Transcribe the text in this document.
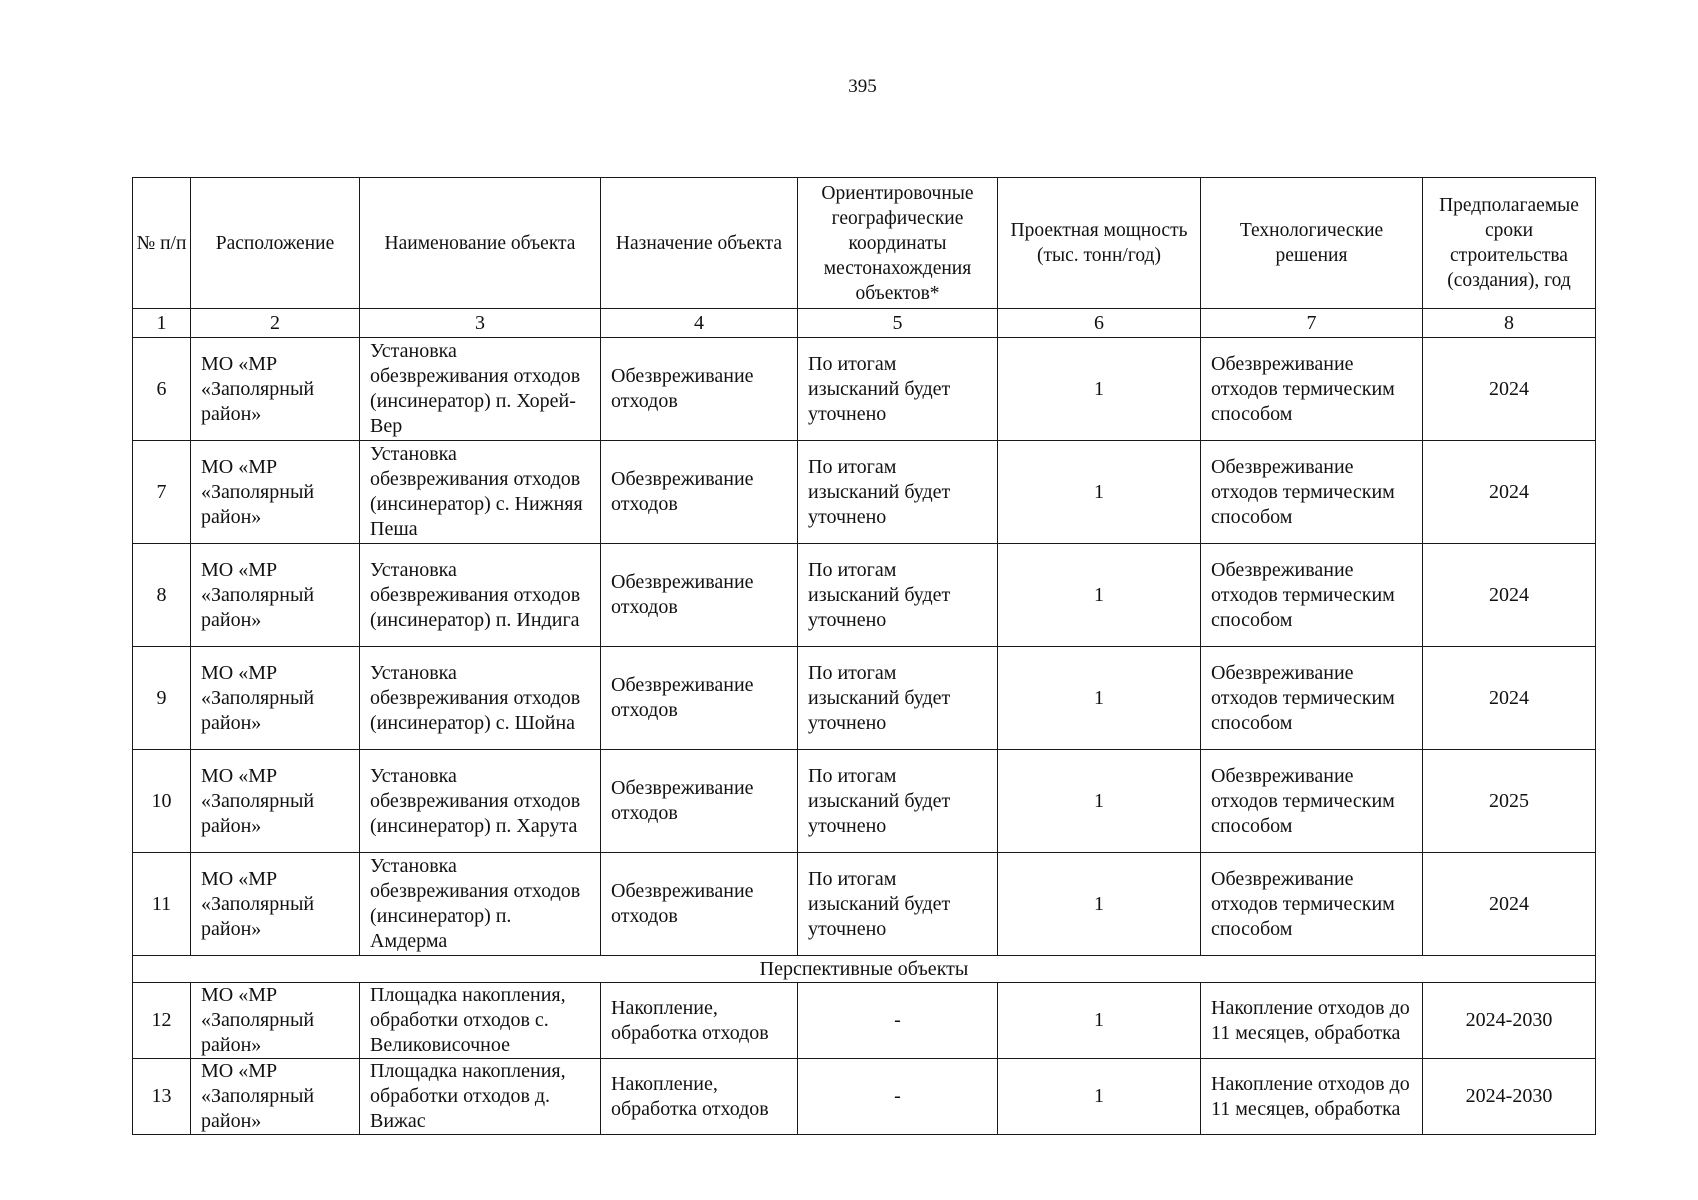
395
№ п/п	Расположение	Наименование объекта	Назначение объекта	Ориентировочные географические координаты местонахождения объектов*	Проектная мощность (тыс. тонн/год)	Технологические решения	Предполагаемые сроки строительства (создания), год
1	2	3	4	5	6	7	8
6	МО «МР «Заполярный район»	Установка обезвреживания отходов (инсинератор) п. Хорей-Вер	Обезвреживание отходов	По итогам изысканий будет уточнено	1	Обезвреживание отходов термическим способом	2024
7	МО «МР «Заполярный район»	Установка обезвреживания отходов (инсинератор) с. Нижняя Пеша	Обезвреживание отходов	По итогам изысканий будет уточнено	1	Обезвреживание отходов термическим способом	2024
8	МО «МР «Заполярный район»	Установка обезвреживания отходов (инсинератор) п. Индига	Обезвреживание отходов	По итогам изысканий будет уточнено	1	Обезвреживание отходов термическим способом	2024
9	МО «МР «Заполярный район»	Установка обезвреживания отходов (инсинератор) с. Шойна	Обезвреживание отходов	По итогам изысканий будет уточнено	1	Обезвреживание отходов термическим способом	2024
10	МО «МР «Заполярный район»	Установка обезвреживания отходов (инсинератор) п. Харута	Обезвреживание отходов	По итогам изысканий будет уточнено	1	Обезвреживание отходов термическим способом	2025
11	МО «МР «Заполярный район»	Установка обезвреживания отходов (инсинератор) п. Амдерма	Обезвреживание отходов	По итогам изысканий будет уточнено	1	Обезвреживание отходов термическим способом	2024
Перспективные объекты							
12	МО «МР «Заполярный район»	Площадка накопления, обработки отходов с. Великовисочное	Накопление, обработка отходов	-	1	Накопление отходов до 11 месяцев, обработка	2024-2030
13	МО «МР «Заполярный район»	Площадка накопления, обработки отходов д. Вижас	Накопление, обработка отходов	-	1	Накопление отходов до 11 месяцев, обработка	2024-2030
